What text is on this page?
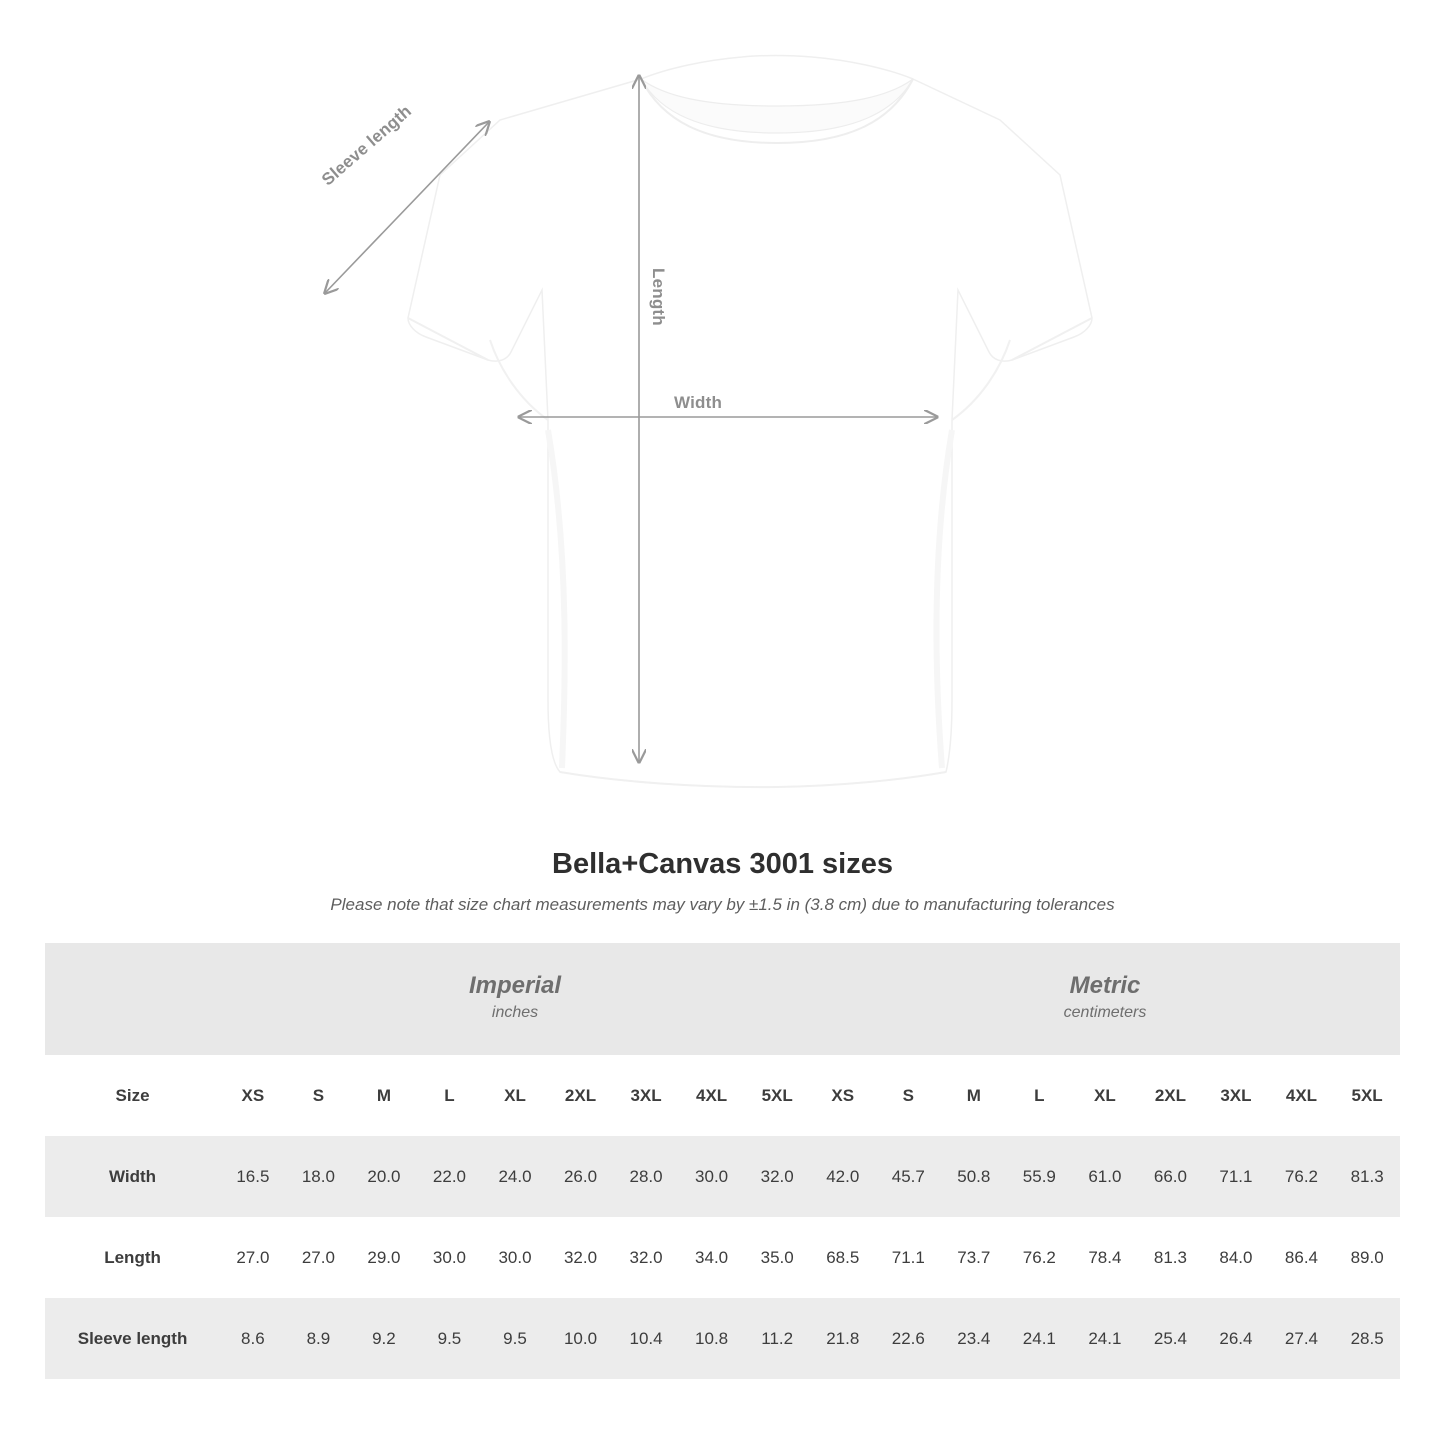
Sleeve length
Length
Width
Bella+Canvas 3001 sizes

Please note that size chart measurements may vary by ±1.5 in (3.8 cm) due to manufacturing tolerances

Imperial
inches

Metric
centimeters

Size	XS	S	M	L	XL	2XL	3XL	4XL	5XL	XS	S	M	L	XL	2XL	3XL	4XL	5XL
Width	16.5	18.0	20.0	22.0	24.0	26.0	28.0	30.0	32.0	42.0	45.7	50.8	55.9	61.0	66.0	71.1	76.2	81.3
Length	27.0	27.0	29.0	30.0	30.0	32.0	32.0	34.0	35.0	68.5	71.1	73.7	76.2	78.4	81.3	84.0	86.4	89.0
Sleeve length	8.6	8.9	9.2	9.5	9.5	10.0	10.4	10.8	11.2	21.8	22.6	23.4	24.1	24.1	25.4	26.4	27.4	28.5
